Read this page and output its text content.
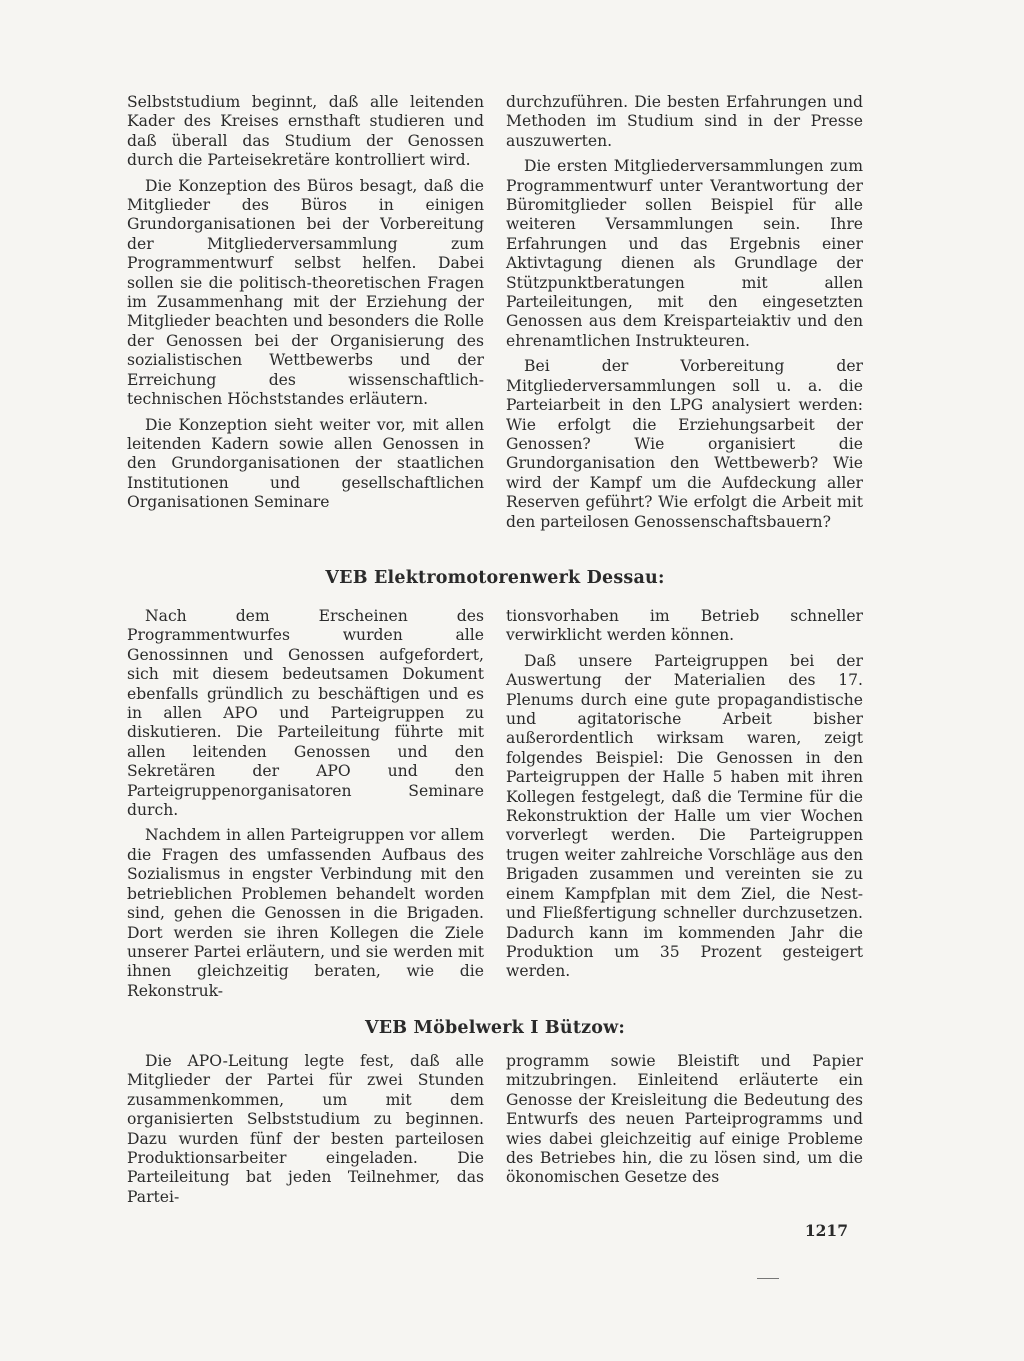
Selbststudium beginnt, daß alle leitenden Kader des Kreises ernsthaft studieren und daß überall das Studium der Genossen durch die Parteisekretäre kontrolliert wird.

Die Konzeption des Büros besagt, daß die Mitglieder des Büros in einigen Grundorganisationen bei der Vorbereitung der Mitgliederversammlung zum Programmentwurf selbst helfen. Dabei sollen sie die politisch-theoretischen Fragen im Zusammenhang mit der Erziehung der Mitglieder beachten und besonders die Rolle der Genossen bei der Organisierung des sozialistischen Wettbewerbs und der Erreichung des wissenschaftlich-technischen Höchststandes erläutern.

Die Konzeption sieht weiter vor, mit allen leitenden Kadern sowie allen Genossen in den Grundorganisationen der staatlichen Institutionen und gesellschaftlichen Organisationen Seminare

durchzuführen. Die besten Erfahrungen und Methoden im Studium sind in der Presse auszuwerten.

Die ersten Mitgliederversammlungen zum Programmentwurf unter Verantwortung der Büromitglieder sollen Beispiel für alle weiteren Versammlungen sein. Ihre Erfahrungen und das Ergebnis einer Aktivtagung dienen als Grundlage der Stützpunktberatungen mit allen Parteileitungen, mit den eingesetzten Genossen aus dem Kreisparteiaktiv und den ehrenamtlichen Instrukteuren.

Bei der Vorbereitung der Mitgliederversammlungen soll u. a. die Parteiarbeit in den LPG analysiert werden: Wie erfolgt die Erziehungsarbeit der Genossen? Wie organisiert die Grundorganisation den Wettbewerb? Wie wird der Kampf um die Aufdeckung aller Reserven geführt? Wie erfolgt die Arbeit mit den parteilosen Genossenschaftsbauern?

VEB Elektromotorenwerk Dessau:

Nach dem Erscheinen des Programmentwurfes wurden alle Genossinnen und Genossen aufgefordert, sich mit diesem bedeutsamen Dokument ebenfalls gründlich zu beschäftigen und es in allen APO und Parteigruppen zu diskutieren. Die Parteileitung führte mit allen leitenden Genossen und den Sekretären der APO und den Parteigruppenorganisatoren Seminare durch.

Nachdem in allen Parteigruppen vor allem die Fragen des umfassenden Aufbaus des Sozialismus in engster Verbindung mit den betrieblichen Problemen behandelt worden sind, gehen die Genossen in die Brigaden. Dort werden sie ihren Kollegen die Ziele unserer Partei erläutern, und sie werden mit ihnen gleichzeitig beraten, wie die Rekonstruk-

tionsvorhaben im Betrieb schneller verwirklicht werden können.

Daß unsere Parteigruppen bei der Auswertung der Materialien des 17. Plenums durch eine gute propagandistische und agitatorische Arbeit bisher außerordentlich wirksam waren, zeigt folgendes Beispiel: Die Genossen in den Parteigruppen der Halle 5 haben mit ihren Kollegen festgelegt, daß die Termine für die Rekonstruktion der Halle um vier Wochen vorverlegt werden. Die Parteigruppen trugen weiter zahlreiche Vorschläge aus den Brigaden zusammen und vereinten sie zu einem Kampfplan mit dem Ziel, die Nest- und Fließfertigung schneller durchzusetzen. Dadurch kann im kommenden Jahr die Produktion um 35 Prozent gesteigert werden.

VEB Möbelwerk I Bützow:

Die APO-Leitung legte fest, daß alle Mitglieder der Partei für zwei Stunden zusammenkommen, um mit dem organisierten Selbststudium zu beginnen. Dazu wurden fünf der besten parteilosen Produktionsarbeiter eingeladen. Die Parteileitung bat jeden Teilnehmer, das Partei-

programm sowie Bleistift und Papier mitzubringen. Einleitend erläuterte ein Genosse der Kreisleitung die Bedeutung des Entwurfs des neuen Parteiprogramms und wies dabei gleichzeitig auf einige Probleme des Betriebes hin, die zu lösen sind, um die ökonomischen Gesetze des

1217
